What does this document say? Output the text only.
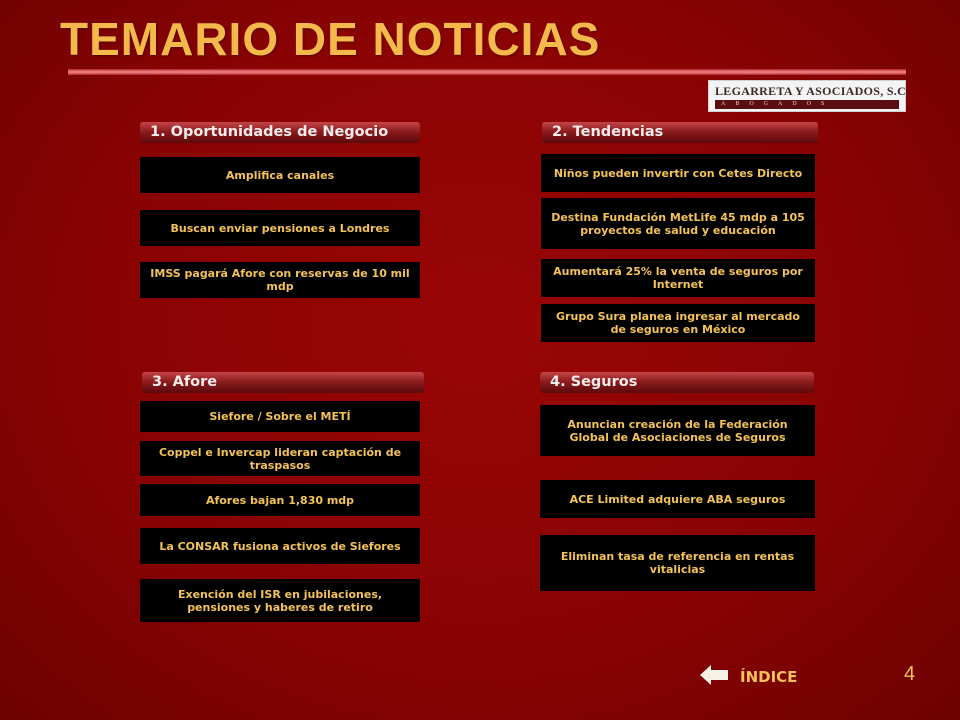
TEMARIO DE NOTICIAS
LEGARRETA Y ASOCIADOS, S.C.
ABOGADOS
1. Oportunidades de Negocio
Amplifica canales
Buscan enviar pensiones a Londres
IMSS pagará Afore con reservas de 10 mil mdp
2. Tendencias
Niños pueden invertir con Cetes Directo
Destina Fundación MetLife 45 mdp a 105 proyectos de salud y educación
Aumentará 25% la venta de seguros por Internet
Grupo Sura planea ingresar al mercado de seguros en México
3. Afore
Siefore / Sobre el METÍ
Coppel e Invercap lideran captación de traspasos
Afores bajan 1,830 mdp
La CONSAR fusiona activos de Siefores
Exención del ISR en jubilaciones, pensiones y haberes de retiro
4. Seguros
Anuncian creación de la Federación Global de Asociaciones de Seguros
ACE Limited adquiere ABA seguros
Eliminan tasa de referencia en rentas vitalicias
ÍNDICE	4
